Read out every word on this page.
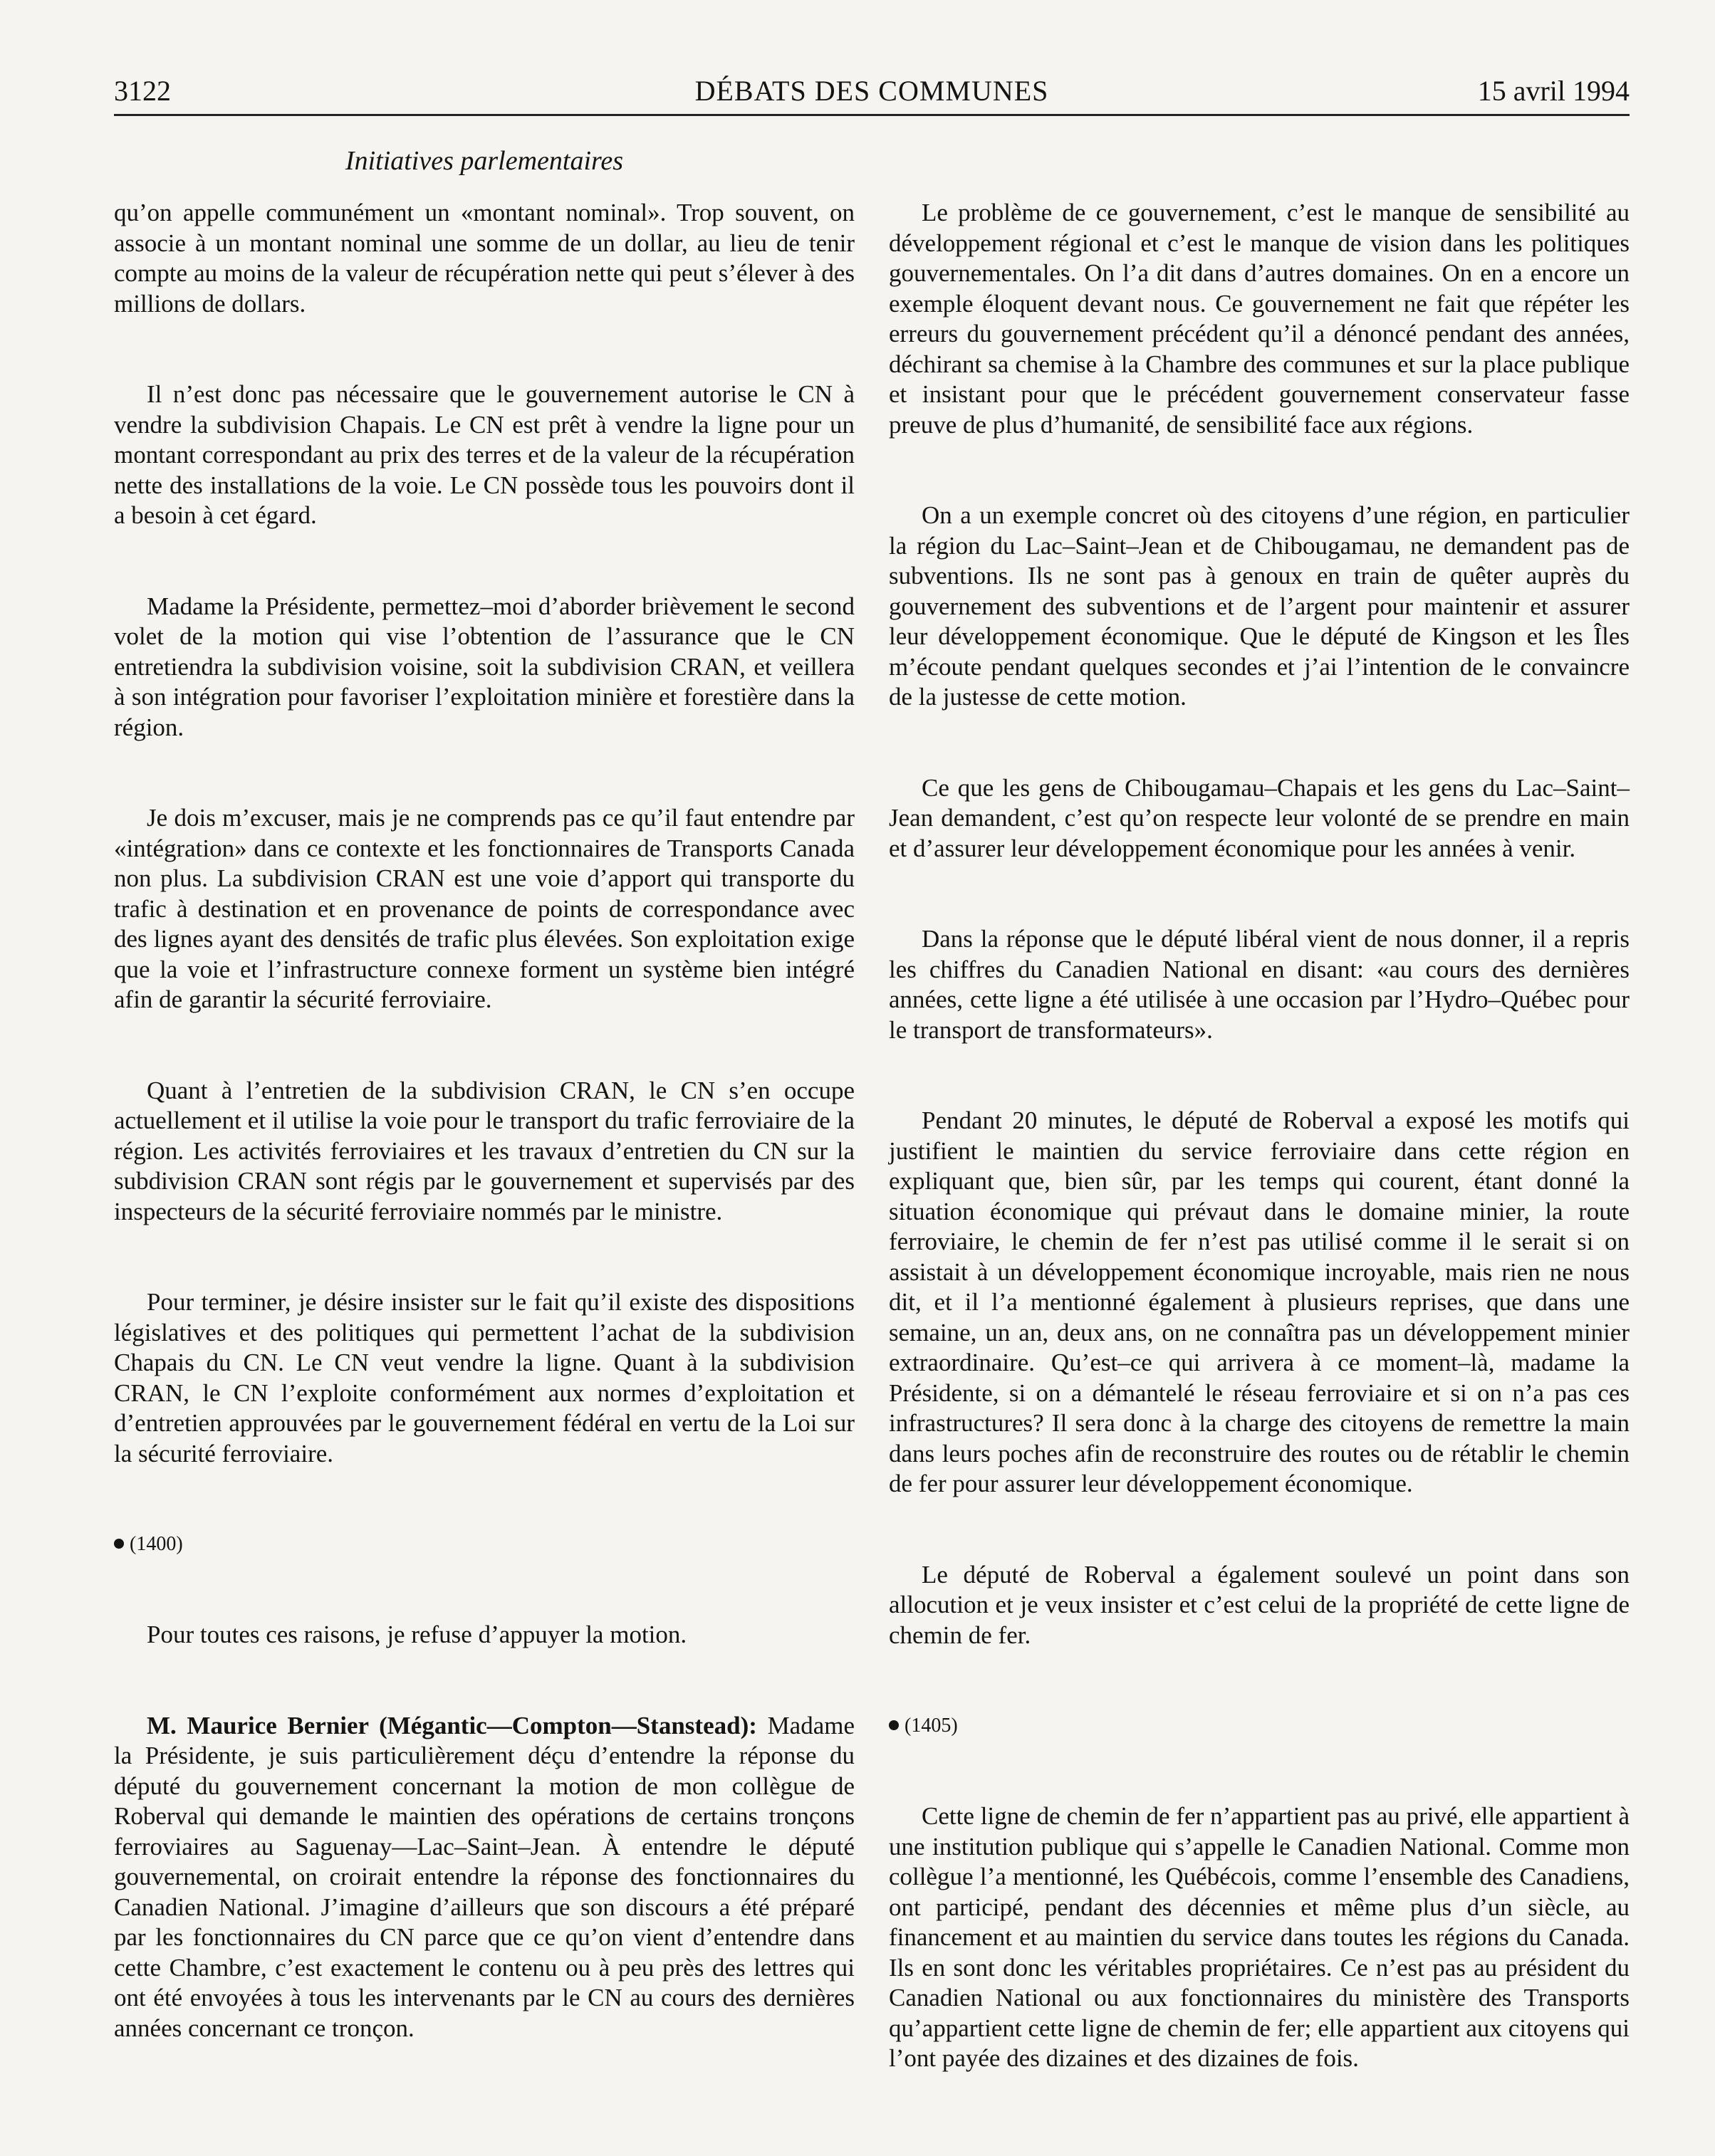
3122	DÉBATS DES COMMUNES	15 avril 1994
Initiatives parlementaires

qu’on appelle communément un «montant nominal». Trop souvent, on associe à un montant nominal une somme de un dollar, au lieu de tenir compte au moins de la valeur de récupération nette qui peut s’élever à des millions de dollars.

Il n’est donc pas nécessaire que le gouvernement autorise le CN à vendre la subdivision Chapais. Le CN est prêt à vendre la ligne pour un montant correspondant au prix des terres et de la valeur de la récupération nette des installations de la voie. Le CN possède tous les pouvoirs dont il a besoin à cet égard.

Madame la Présidente, permettez–moi d’aborder brièvement le second volet de la motion qui vise l’obtention de l’assurance que le CN entretiendra la subdivision voisine, soit la subdivision CRAN, et veillera à son intégration pour favoriser l’exploitation minière et forestière dans la région.

Je dois m’excuser, mais je ne comprends pas ce qu’il faut entendre par «intégration» dans ce contexte et les fonctionnaires de Transports Canada non plus. La subdivision CRAN est une voie d’apport qui transporte du trafic à destination et en provenance de points de correspondance avec des lignes ayant des densités de trafic plus élevées. Son exploitation exige que la voie et l’infrastructure connexe forment un système bien intégré afin de garantir la sécurité ferroviaire.

Quant à l’entretien de la subdivision CRAN, le CN s’en occupe actuellement et il utilise la voie pour le transport du trafic ferroviaire de la région. Les activités ferroviaires et les travaux d’entretien du CN sur la subdivision CRAN sont régis par le gouvernement et supervisés par des inspecteurs de la sécurité ferroviaire nommés par le ministre.

Pour terminer, je désire insister sur le fait qu’il existe des dispositions législatives et des politiques qui permettent l’achat de la subdivision Chapais du CN. Le CN veut vendre la ligne. Quant à la subdivision CRAN, le CN l’exploite conformément aux normes d’exploitation et d’entretien approuvées par le gouvernement fédéral en vertu de la Loi sur la sécurité ferroviaire.

(1400)

Pour toutes ces raisons, je refuse d’appuyer la motion.

M. Maurice Bernier (Mégantic—Compton—Stanstead): Madame la Présidente, je suis particulièrement déçu d’entendre la réponse du député du gouvernement concernant la motion de mon collègue de Roberval qui demande le maintien des opérations de certains tronçons ferroviaires au Saguenay—Lac–Saint–Jean. À entendre le député gouvernemental, on croirait entendre la réponse des fonctionnaires du Canadien National. J’imagine d’ailleurs que son discours a été préparé par les fonctionnaires du CN parce que ce qu’on vient d’entendre dans cette Chambre, c’est exactement le contenu ou à peu près des lettres qui ont été envoyées à tous les intervenants par le CN au cours des dernières années concernant ce tronçon.

Le problème de ce gouvernement, c’est le manque de sensibilité au développement régional et c’est le manque de vision dans les politiques gouvernementales. On l’a dit dans d’autres domaines. On en a encore un exemple éloquent devant nous. Ce gouvernement ne fait que répéter les erreurs du gouvernement précédent qu’il a dénoncé pendant des années, déchirant sa chemise à la Chambre des communes et sur la place publique et insistant pour que le précédent gouvernement conservateur fasse preuve de plus d’humanité, de sensibilité face aux régions.

On a un exemple concret où des citoyens d’une région, en particulier la région du Lac–Saint–Jean et de Chibougamau, ne demandent pas de subventions. Ils ne sont pas à genoux en train de quêter auprès du gouvernement des subventions et de l’argent pour maintenir et assurer leur développement économique. Que le député de Kingson et les Îles m’écoute pendant quelques secondes et j’ai l’intention de le convaincre de la justesse de cette motion.

Ce que les gens de Chibougamau–Chapais et les gens du Lac–Saint–Jean demandent, c’est qu’on respecte leur volonté de se prendre en main et d’assurer leur développement économique pour les années à venir.

Dans la réponse que le député libéral vient de nous donner, il a repris les chiffres du Canadien National en disant: «au cours des dernières années, cette ligne a été utilisée à une occasion par l’Hydro–Québec pour le transport de transformateurs».

Pendant 20 minutes, le député de Roberval a exposé les motifs qui justifient le maintien du service ferroviaire dans cette région en expliquant que, bien sûr, par les temps qui courent, étant donné la situation économique qui prévaut dans le domaine minier, la route ferroviaire, le chemin de fer n’est pas utilisé comme il le serait si on assistait à un développement économique incroyable, mais rien ne nous dit, et il l’a mentionné également à plusieurs reprises, que dans une semaine, un an, deux ans, on ne connaîtra pas un développement minier extraordinaire. Qu’est–ce qui arrivera à ce moment–là, madame la Présidente, si on a démantelé le réseau ferroviaire et si on n’a pas ces infrastructures? Il sera donc à la charge des citoyens de remettre la main dans leurs poches afin de reconstruire des routes ou de rétablir le chemin de fer pour assurer leur développement économique.

Le député de Roberval a également soulevé un point dans son allocution et je veux insister et c’est celui de la propriété de cette ligne de chemin de fer.

(1405)

Cette ligne de chemin de fer n’appartient pas au privé, elle appartient à une institution publique qui s’appelle le Canadien National. Comme mon collègue l’a mentionné, les Québécois, comme l’ensemble des Canadiens, ont participé, pendant des décennies et même plus d’un siècle, au financement et au maintien du service dans toutes les régions du Canada. Ils en sont donc les véritables propriétaires. Ce n’est pas au président du Canadien National ou aux fonctionnaires du ministère des Transports qu’appartient cette ligne de chemin de fer; elle appartient aux citoyens qui l’ont payée des dizaines et des dizaines de fois.
